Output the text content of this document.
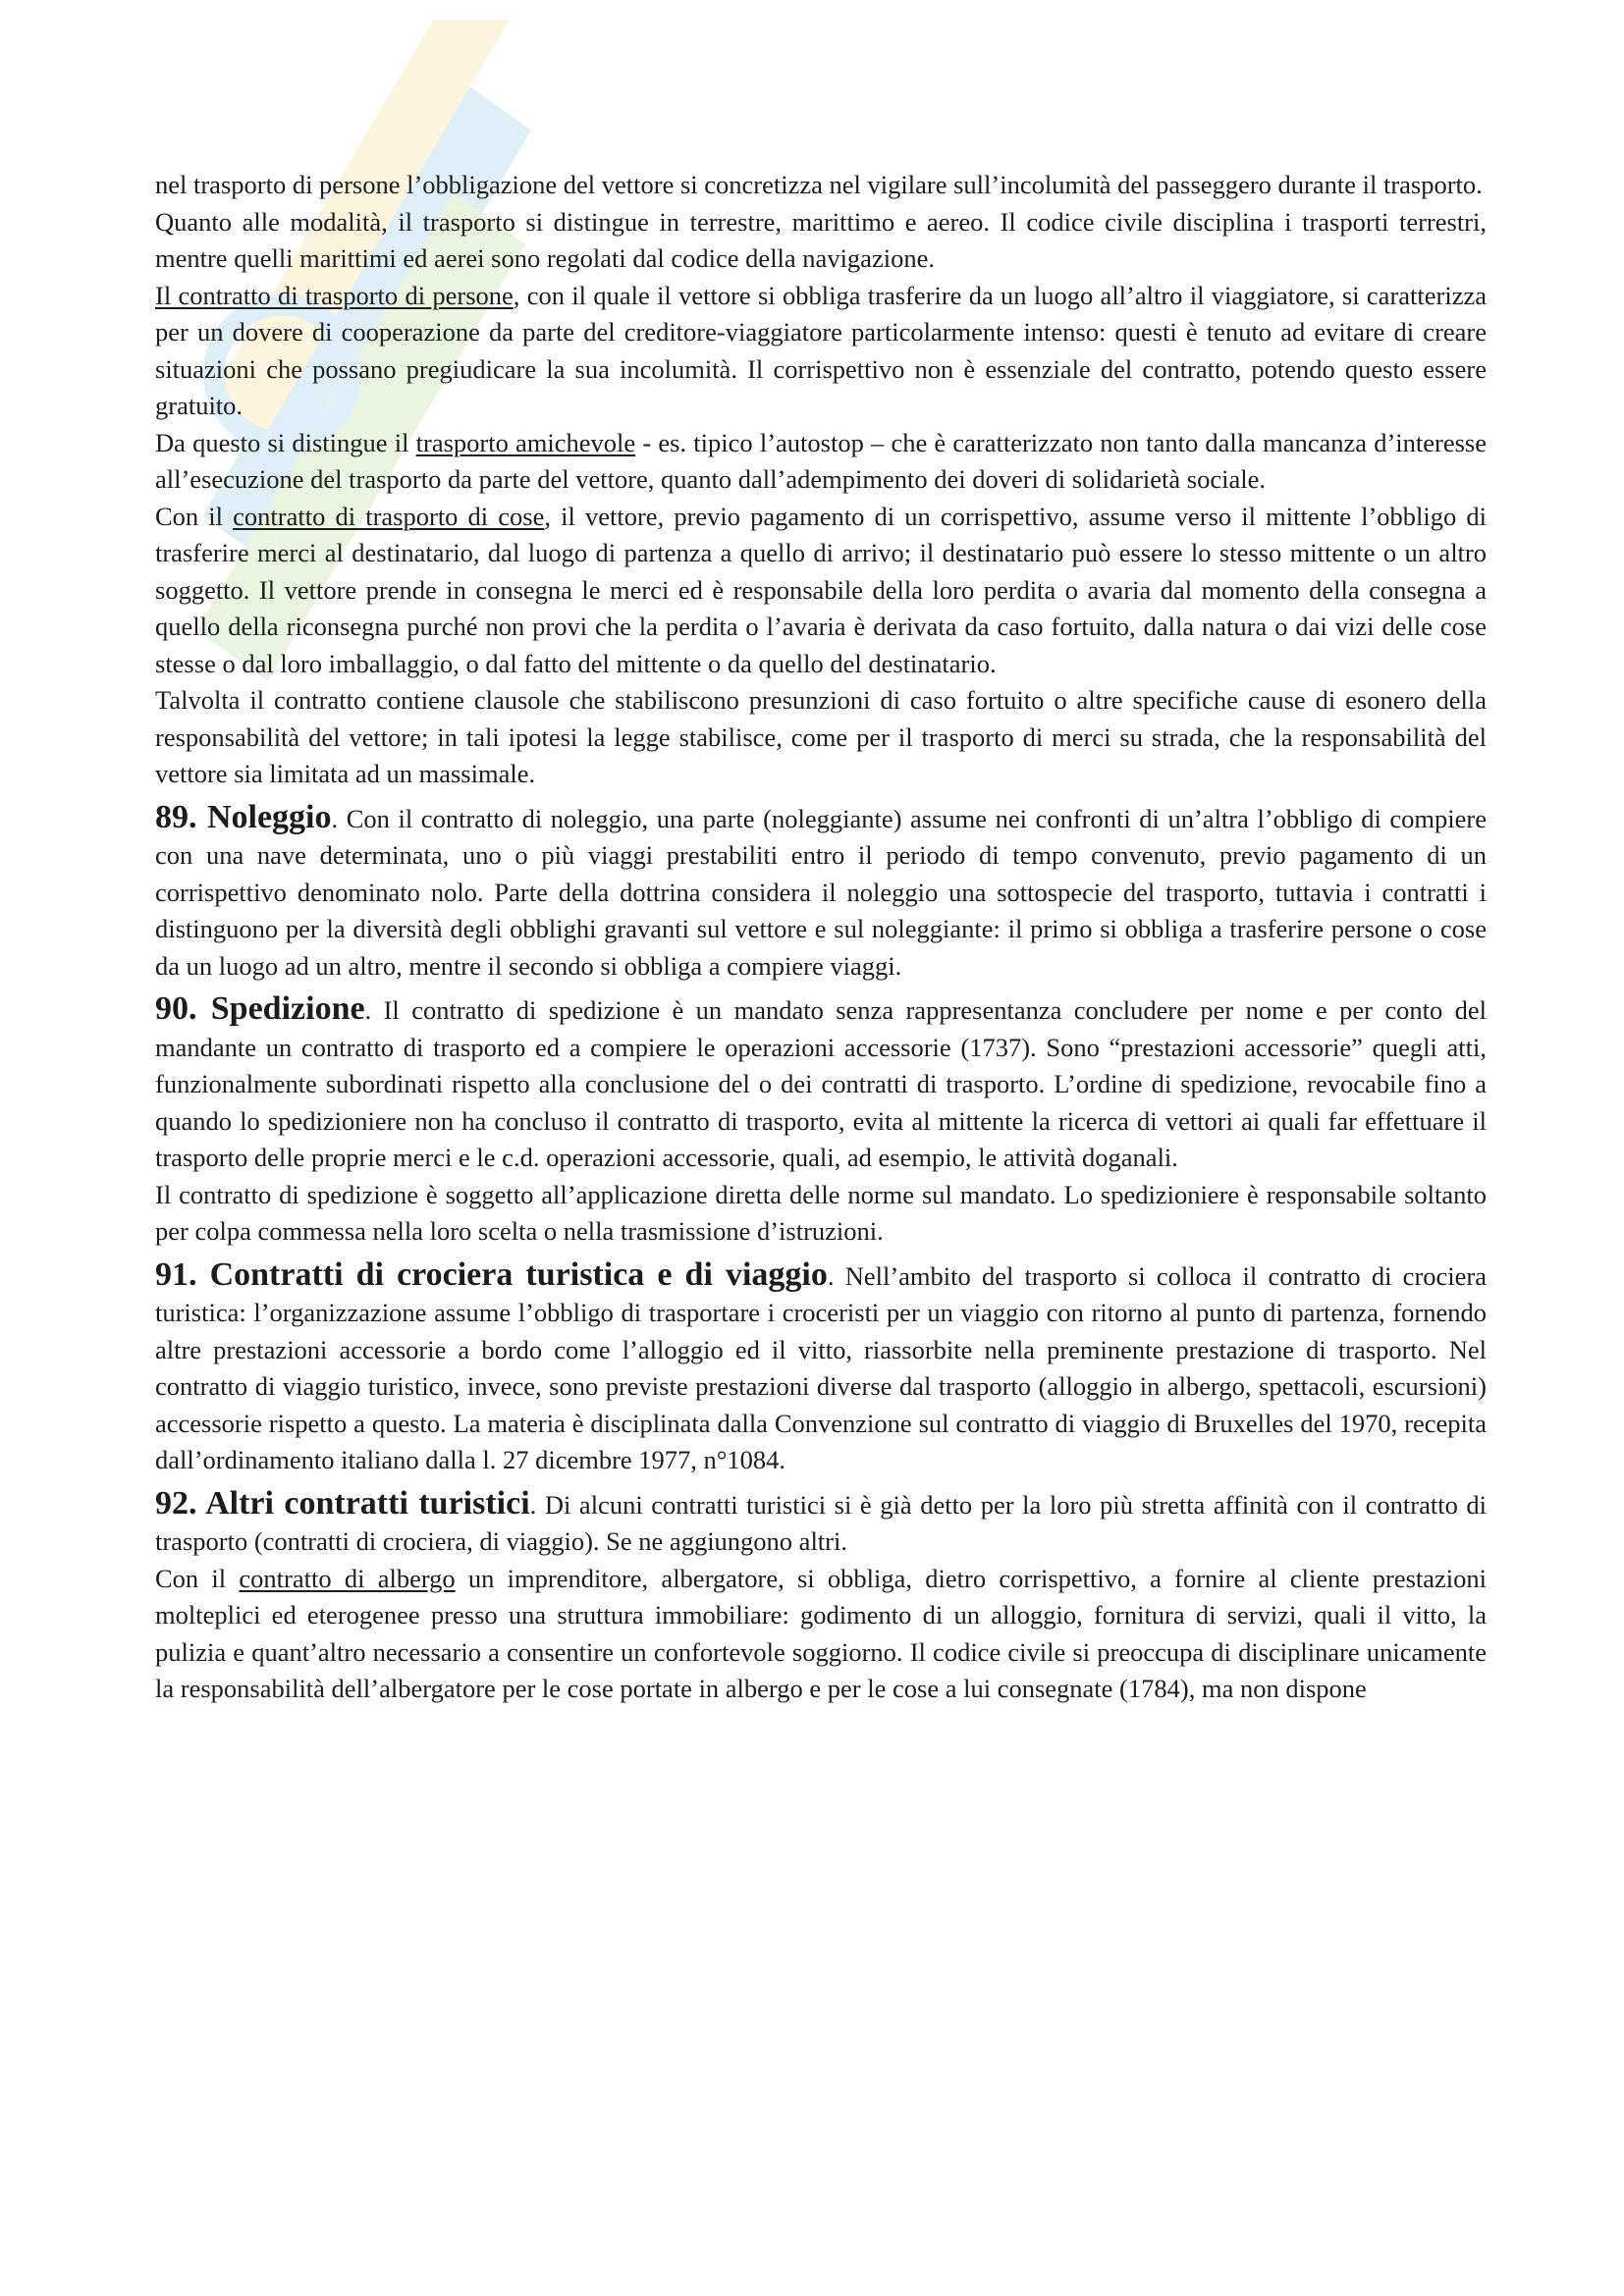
nel trasporto di persone l’obbligazione del vettore si concretizza nel vigilare sull’incolumità del passeggero durante il trasporto.

Quanto alle modalità, il trasporto si distingue in terrestre, marittimo e aereo. Il codice civile disciplina i trasporti terrestri, mentre quelli marittimi ed aerei sono regolati dal codice della navigazione.

Il contratto di trasporto di persone, con il quale il vettore si obbliga trasferire da un luogo all’altro il viaggiatore, si caratterizza per un dovere di cooperazione da parte del creditore-viaggiatore particolarmente intenso: questi è tenuto ad evitare di creare situazioni che possano pregiudicare la sua incolumità. Il corrispettivo non è essenziale del contratto, potendo questo essere gratuito.

Da questo si distingue il trasporto amichevole - es. tipico l’autostop – che è caratterizzato non tanto dalla mancanza d’interesse all’esecuzione del trasporto da parte del vettore, quanto dall’adempimento dei doveri di solidarietà sociale.

Con il contratto di trasporto di cose, il vettore, previo pagamento di un corrispettivo, assume verso il mittente l’obbligo di trasferire merci al destinatario, dal luogo di partenza a quello di arrivo; il destinatario può essere lo stesso mittente o un altro soggetto. Il vettore prende in consegna le merci ed è responsabile della loro perdita o avaria dal momento della consegna a quello della riconsegna purché non provi che la perdita o l’avaria è derivata da caso fortuito, dalla natura o dai vizi delle cose stesse o dal loro imballaggio, o dal fatto del mittente o da quello del destinatario.

Talvolta il contratto contiene clausole che stabiliscono presunzioni di caso fortuito o altre specifiche cause di esonero della responsabilità del vettore; in tali ipotesi la legge stabilisce, come per il trasporto di merci su strada, che la responsabilità del vettore sia limitata ad un massimale.

89. Noleggio. Con il contratto di noleggio, una parte (noleggiante) assume nei confronti di un’altra l’obbligo di compiere con una nave determinata, uno o più viaggi prestabiliti entro il periodo di tempo convenuto, previo pagamento di un corrispettivo denominato nolo. Parte della dottrina considera il noleggio una sottospecie del trasporto, tuttavia i contratti i distinguono per la diversità degli obblighi gravanti sul vettore e sul noleggiante: il primo si obbliga a trasferire persone o cose da un luogo ad un altro, mentre il secondo si obbliga a compiere viaggi.

90. Spedizione. Il contratto di spedizione è un mandato senza rappresentanza concludere per nome e per conto del mandante un contratto di trasporto ed a compiere le operazioni accessorie (1737). Sono “prestazioni accessorie” quegli atti, funzionalmente subordinati rispetto alla conclusione del o dei contratti di trasporto. L’ordine di spedizione, revocabile fino a quando lo spedizioniere non ha concluso il contratto di trasporto, evita al mittente la ricerca di vettori ai quali far effettuare il trasporto delle proprie merci e le c.d. operazioni accessorie, quali, ad esempio, le attività doganali.

Il contratto di spedizione è soggetto all’applicazione diretta delle norme sul mandato. Lo spedizioniere è responsabile soltanto per colpa commessa nella loro scelta o nella trasmissione d’istruzioni.

91. Contratti di crociera turistica e di viaggio. Nell’ambito del trasporto si colloca il contratto di crociera turistica: l’organizzazione assume l’obbligo di trasportare i croceristi per un viaggio con ritorno al punto di partenza, fornendo altre prestazioni accessorie a bordo come l’alloggio ed il vitto, riassorbite nella preminente prestazione di trasporto. Nel contratto di viaggio turistico, invece, sono previste prestazioni diverse dal trasporto (alloggio in albergo, spettacoli, escursioni) accessorie rispetto a questo. La materia è disciplinata dalla Convenzione sul contratto di viaggio di Bruxelles del 1970, recepita dall’ordinamento italiano dalla l. 27 dicembre 1977, n°1084.

92. Altri contratti turistici. Di alcuni contratti turistici si è già detto per la loro più stretta affinità con il contratto di trasporto (contratti di crociera, di viaggio). Se ne aggiungono altri.

Con il contratto di albergo un imprenditore, albergatore, si obbliga, dietro corrispettivo, a fornire al cliente prestazioni molteplici ed eterogenee presso una struttura immobiliare: godimento di un alloggio, fornitura di servizi, quali il vitto, la pulizia e quant’altro necessario a consentire un confortevole soggiorno. Il codice civile si preoccupa di disciplinare unicamente la responsabilità dell’albergatore per le cose portate in albergo e per le cose a lui consegnate (1784), ma non dispone
